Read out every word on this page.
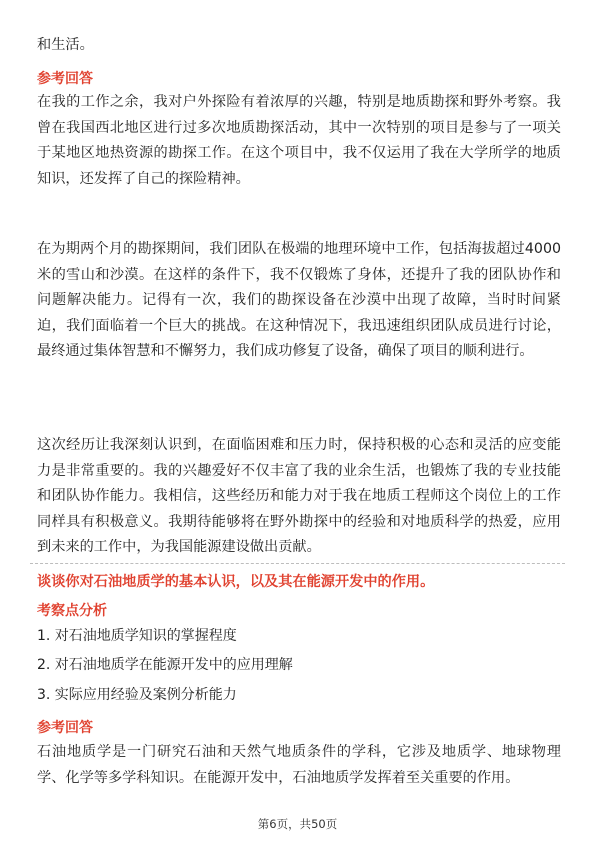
和生活。

参考回答

在我的工作之余，我对户外探险有着浓厚的兴趣，特别是地质勘探和野外考察。我曾在我国西北地区进行过多次地质勘探活动，其中一次特别的项目是参与了一项关于某地区地热资源的勘探工作。在这个项目中，我不仅运用了我在大学所学的地质知识，还发挥了自己的探险精神。

在为期两个月的勘探期间，我们团队在极端的地理环境中工作，包括海拔超过4000米的雪山和沙漠。在这样的条件下，我不仅锻炼了身体，还提升了我的团队协作和问题解决能力。记得有一次，我们的勘探设备在沙漠中出现了故障，当时时间紧迫，我们面临着一个巨大的挑战。在这种情况下，我迅速组织团队成员进行讨论，最终通过集体智慧和不懈努力，我们成功修复了设备，确保了项目的顺利进行。

这次经历让我深刻认识到，在面临困难和压力时，保持积极的心态和灵活的应变能力是非常重要的。我的兴趣爱好不仅丰富了我的业余生活，也锻炼了我的专业技能和团队协作能力。我相信，这些经历和能力对于我在地质工程师这个岗位上的工作同样具有积极意义。我期待能够将在野外勘探中的经验和对地质科学的热爱，应用到未来的工作中，为我国能源建设做出贡献。

谈谈你对石油地质学的基本认识，以及其在能源开发中的作用。

考察点分析

1. 对石油地质学知识的掌握程度

2. 对石油地质学在能源开发中的应用理解

3. 实际应用经验及案例分析能力

参考回答

石油地质学是一门研究石油和天然气地质条件的学科，它涉及地质学、地球物理学、化学等多学科知识。在能源开发中，石油地质学发挥着至关重要的作用。

第6页，共50页
